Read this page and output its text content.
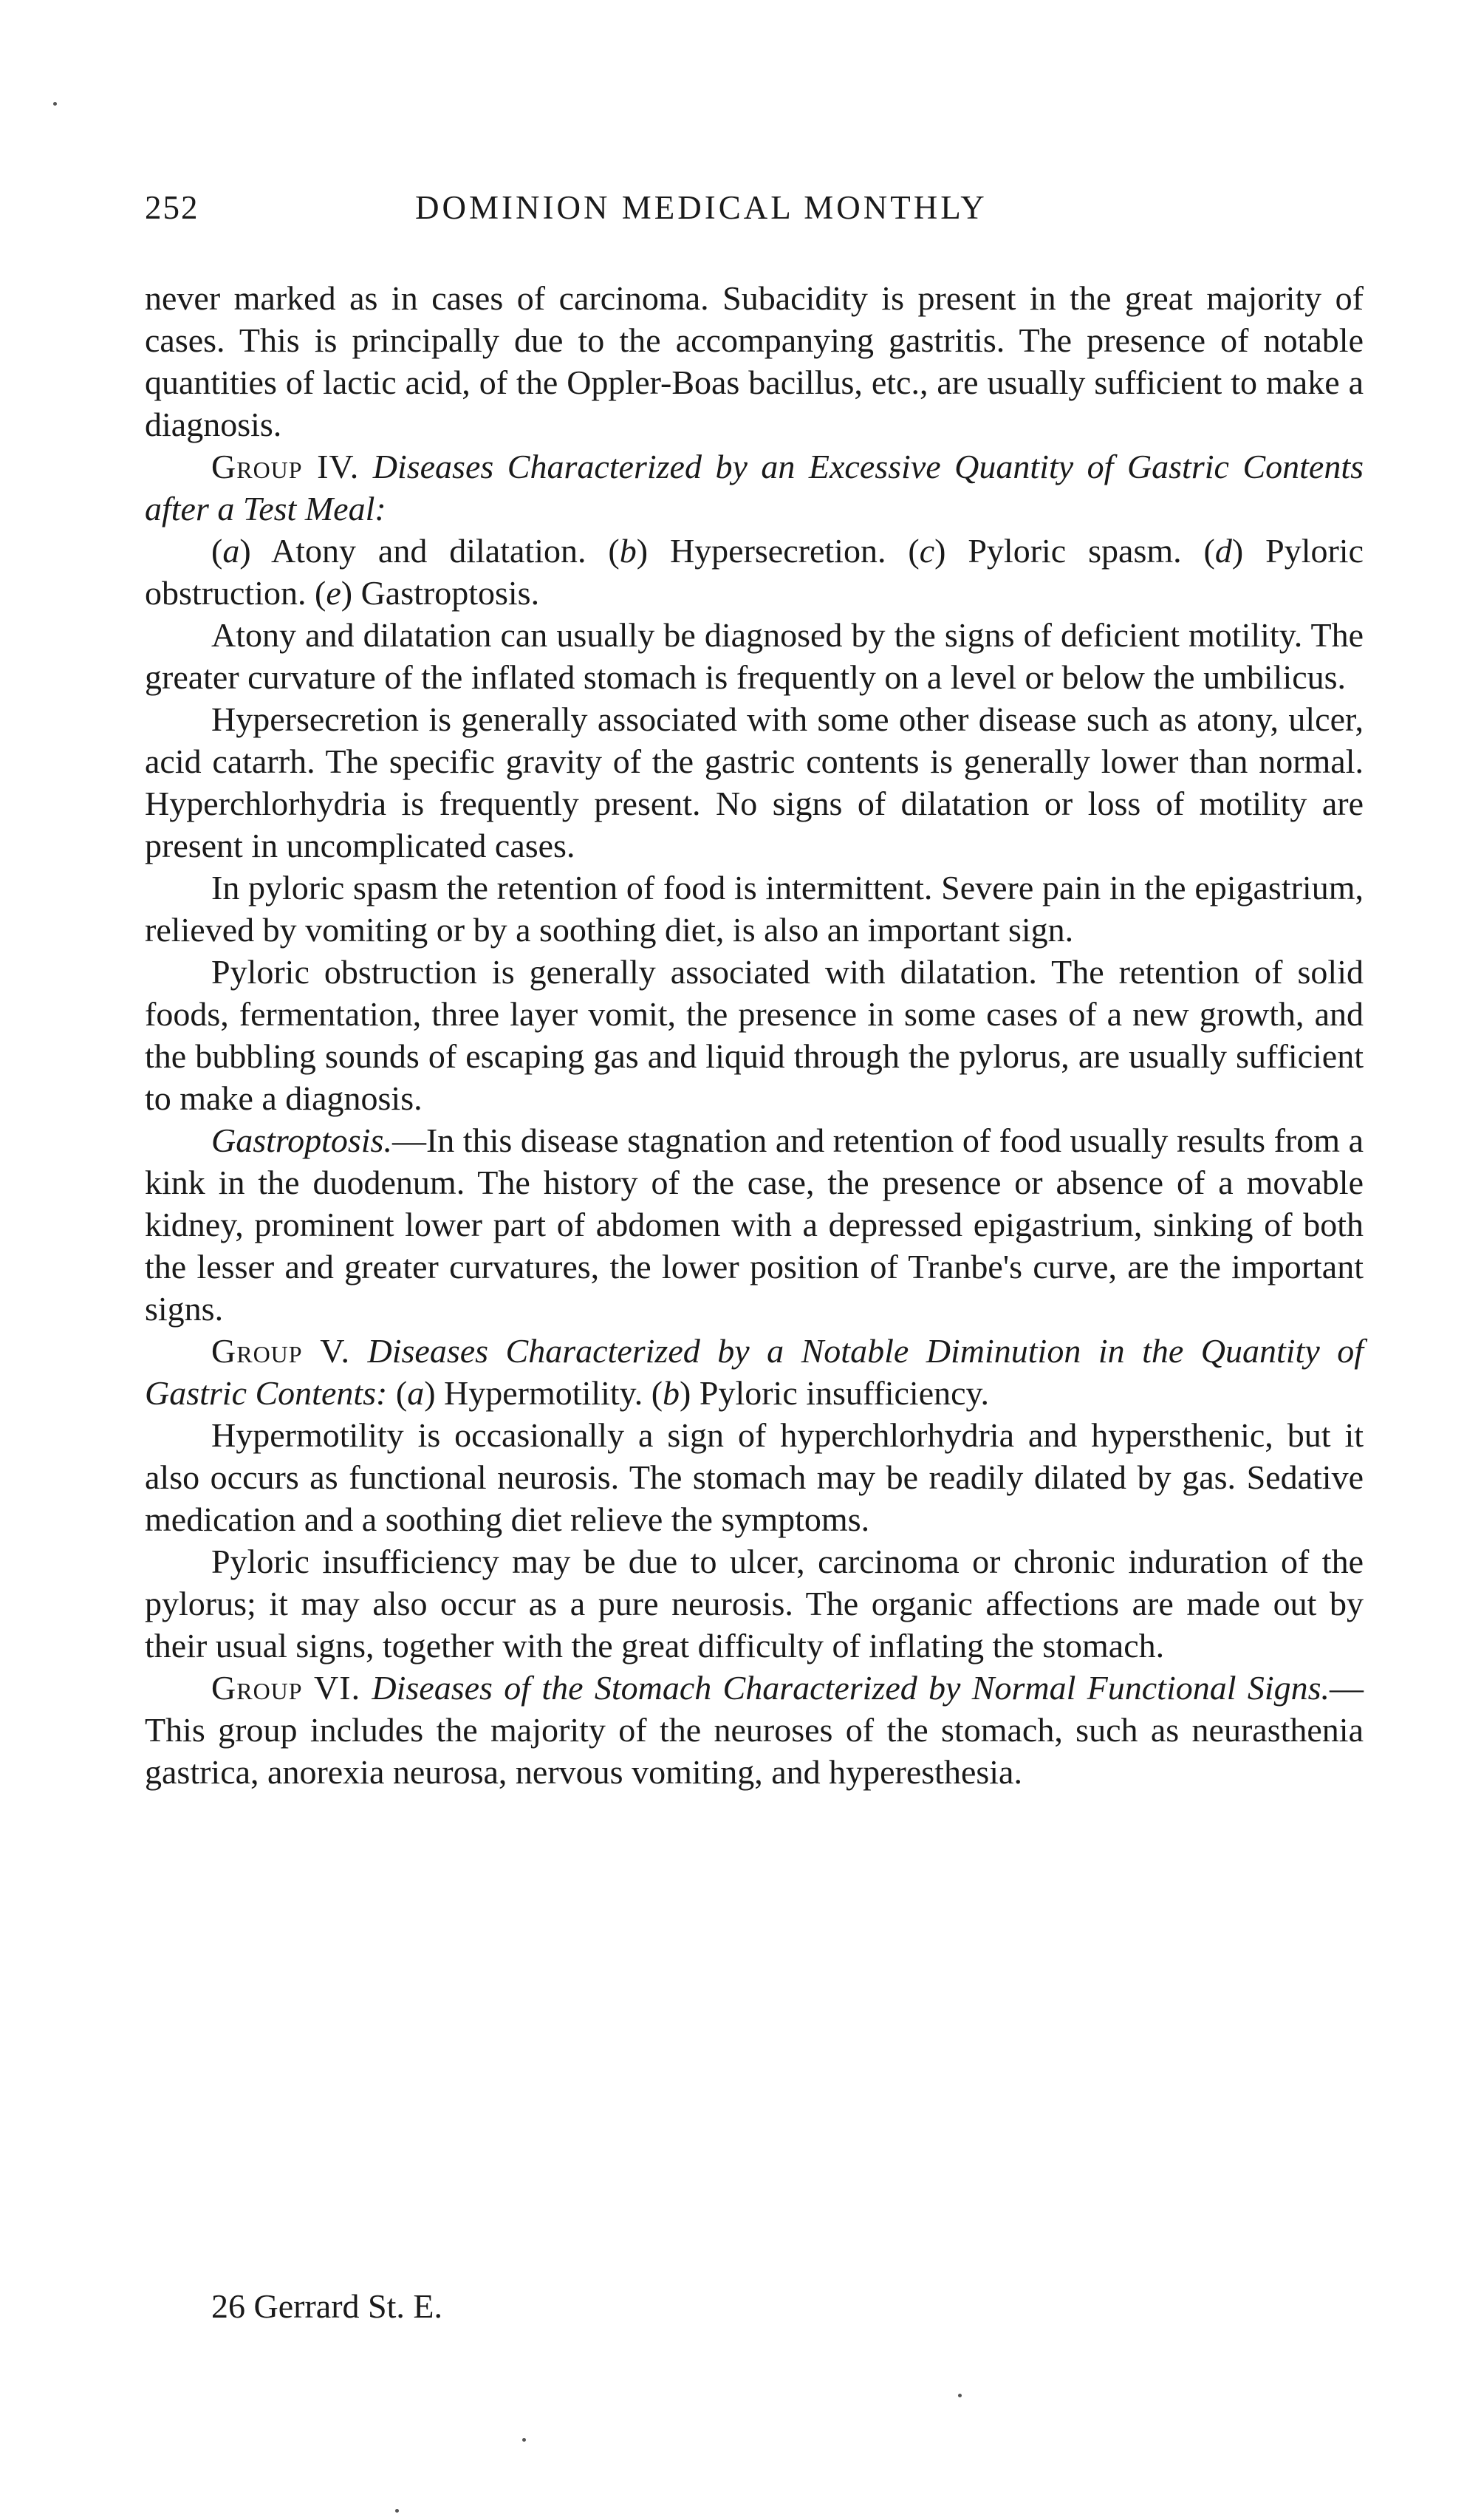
252	DOMINION MEDICAL MONTHLY

never marked as in cases of carcinoma. Subacidity is present in the great majority of cases. This is principally due to the accompanying gastritis. The presence of notable quantities of lactic acid, of the Oppler-Boas bacillus, etc., are usually sufficient to make a diagnosis.

Group IV. Diseases Characterized by an Excessive Quantity of Gastric Contents after a Test Meal:

(a) Atony and dilatation. (b) Hypersecretion. (c) Pyloric spasm. (d) Pyloric obstruction. (e) Gastroptosis.

Atony and dilatation can usually be diagnosed by the signs of deficient motility. The greater curvature of the inflated stomach is frequently on a level or below the umbilicus.

Hypersecretion is generally associated with some other disease such as atony, ulcer, acid catarrh. The specific gravity of the gastric contents is generally lower than normal. Hyperchlorhydria is frequently present. No signs of dilatation or loss of motility are present in uncomplicated cases.

In pyloric spasm the retention of food is intermittent. Severe pain in the epigastrium, relieved by vomiting or by a soothing diet, is also an important sign.

Pyloric obstruction is generally associated with dilatation. The retention of solid foods, fermentation, three layer vomit, the presence in some cases of a new growth, and the bubbling sounds of escaping gas and liquid through the pylorus, are usually sufficient to make a diagnosis.

Gastroptosis.—In this disease stagnation and retention of food usually results from a kink in the duodenum. The history of the case, the presence or absence of a movable kidney, prominent lower part of abdomen with a depressed epigastrium, sinking of both the lesser and greater curvatures, the lower position of Tranbe's curve, are the important signs.

Group V. Diseases Characterized by a Notable Diminution in the Quantity of Gastric Contents: (a) Hypermotility. (b) Pyloric insufficiency.

Hypermotility is occasionally a sign of hyperchlorhydria and hypersthenic, but it also occurs as functional neurosis. The stomach may be readily dilated by gas. Sedative medication and a soothing diet relieve the symptoms.

Pyloric insufficiency may be due to ulcer, carcinoma or chronic induration of the pylorus; it may also occur as a pure neurosis. The organic affections are made out by their usual signs, together with the great difficulty of inflating the stomach.

Group VI. Diseases of the Stomach Characterized by Normal Functional Signs.—This group includes the majority of the neuroses of the stomach, such as neurasthenia gastrica, anorexia neurosa, nervous vomiting, and hyperesthesia.

26 Gerrard St. E.
